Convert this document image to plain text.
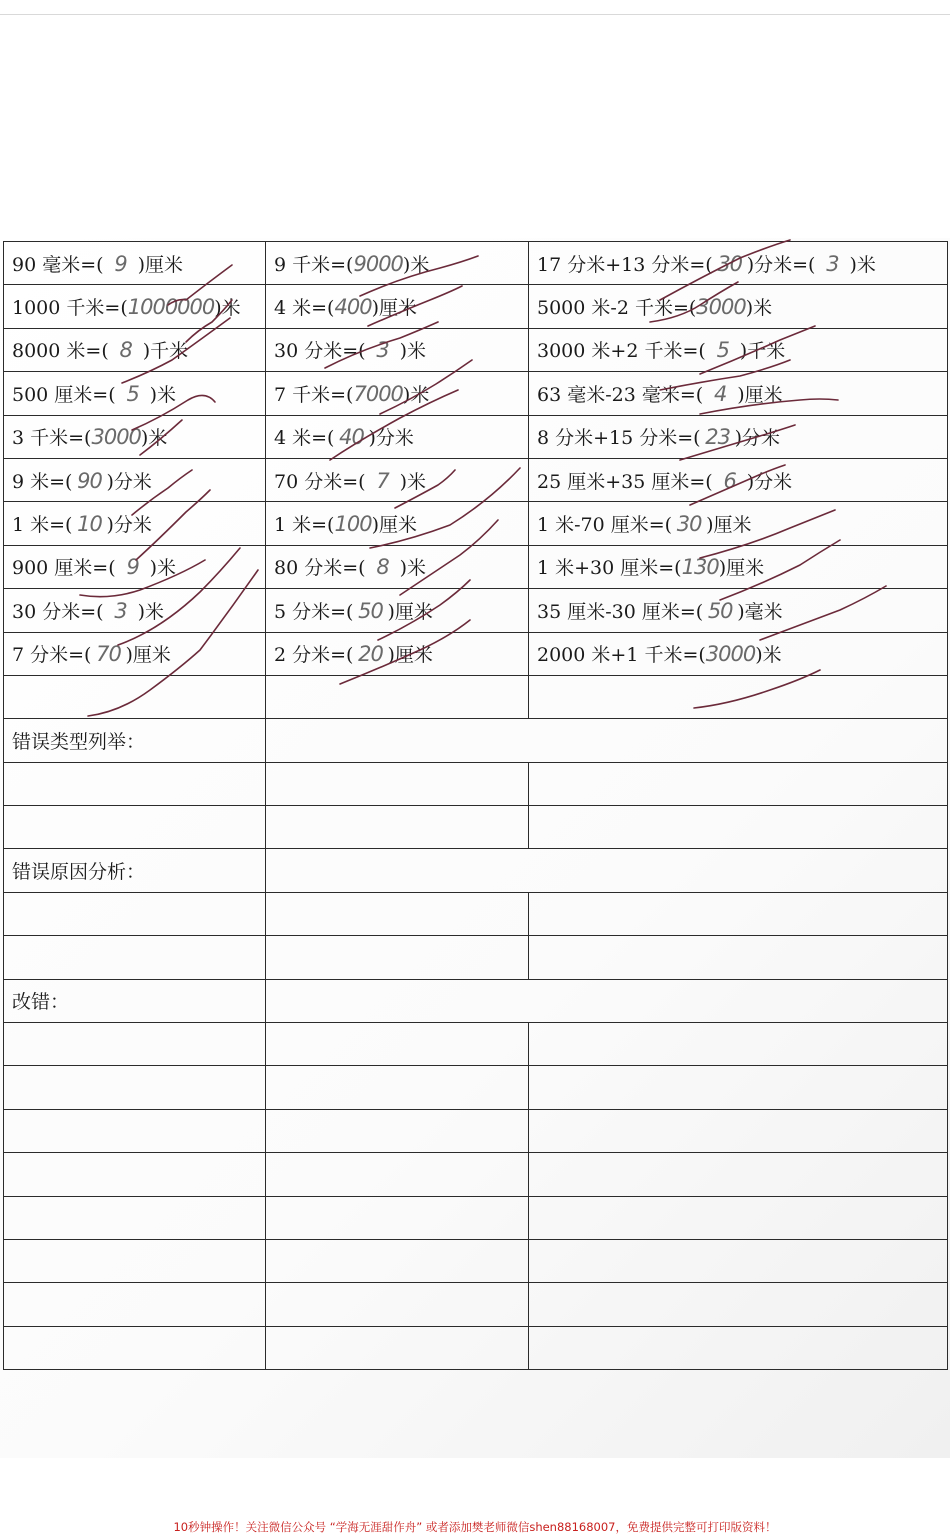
90 毫米=( 9 )厘米	9 千米=(9000)米	17 分米+13 分米=( 30 )分米=( 3 )米
1000 千米=(1000000)米	4 米=(400)厘米	5000 米-2 千米=(3000)米
8000 米=( 8 )千米	30 分米=( 3 )米	3000 米+2 千米=( 5 )千米
500 厘米=( 5 )米	7 千米=(7000)米	63 毫米-23 毫米=( 4 )厘米
3 千米=(3000)米	4 米=( 40 )分米	8 分米+15 分米=( 23 )分米
9 米=( 90 )分米	70 分米=( 7 )米	25 厘米+35 厘米=( 6 )分米
1 米=( 10 )分米	1 米=(100)厘米	1 米-70 厘米=( 30 )厘米
900 厘米=( 9 )米	80 分米=( 8 )米	1 米+30 厘米=(130)厘米
30 分米=( 3 )米	5 分米=( 50 )厘米	35 厘米-30 厘米=( 50 )毫米
7 分米=( 70 )厘米	2 分米=( 20 )厘米	2000 米+1 千米=(3000)米

错误类型列举：		

错误原因分析：		

改错：		

10秒钟操作！关注微信公众号 “学海无涯甜作舟” 或者添加樊老师微信shen88168007，免费提供完整可打印版资料！
